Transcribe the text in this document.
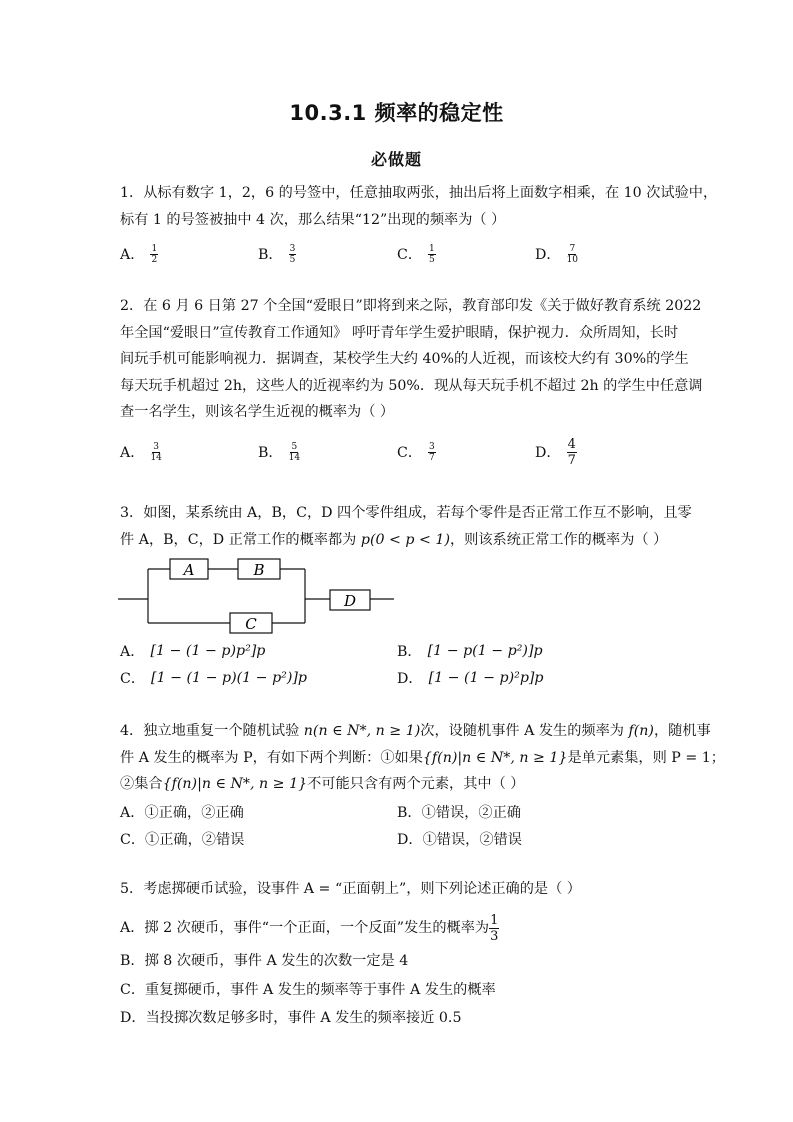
10.3.1 频率的稳定性
必做题
1．从标有数字 1，2，6 的号签中，任意抽取两张，抽出后将上面数字相乘，在 10 次试验中，
标有 1 的号签被抽中 4 次，那么结果“12”出现的频率为（ ）
A． $\frac{1}{2}$	B． $\frac{3}{5}$	C． $\frac{1}{5}$	D． $\frac{7}{10}$
2．在 6 月 6 日第 27 个全国“爱眼日”即将到来之际，教育部印发《关于做好教育系统 2022
年全国“爱眼日”宣传教育工作通知》 呼吁青年学生爱护眼睛，保护视力．众所周知，长时
间玩手机可能影响视力．据调查，某校学生大约 40%的人近视，而该校大约有 30%的学生
每天玩手机超过 2h，这些人的近视率约为 50%．现从每天玩手机不超过 2h 的学生中任意调
查一名学生，则该名学生近视的概率为（ ）
A． $\frac{3}{14}$	B． $\frac{5}{14}$	C． $\frac{3}{7}$	D． $\frac{4}{7}$
3．如图，某系统由 A，B，C，D 四个零件组成，若每个零件是否正常工作互不影响，且零
件 A，B，C，D 正常工作的概率都为 p(0 < p < 1)，则该系统正常工作的概率为（ ）
A	B
C
D
A． [1 − (1 − p)p²]p	B． [1 − p(1 − p²)]p
C． [1 − (1 − p)(1 − p²)]p	D． [1 − (1 − p)²p]p
4．独立地重复一个随机试验 n(n ∈ N*, n ≥ 1)次，设随机事件 A 发生的频率为 f(n)，随机事
件 A 发生的概率为 P，有如下两个判断：①如果{f(n)|n ∈ N*, n ≥ 1}是单元素集，则 P = 1；
②集合{f(n)|n ∈ N*, n ≥ 1}不可能只含有两个元素，其中（ ）
A． ①正确，②正确	B． ①错误，②正确
C． ①正确，②错误	D． ①错误，②错误
5．考虑掷硬币试验，设事件 A = “正面朝上”，则下列论述正确的是（ ）
A．掷 2 次硬币，事件“一个正面，一个反面”发生的概率为 $\frac{1}{3}$
B．掷 8 次硬币，事件 A 发生的次数一定是 4
C．重复掷硬币，事件 A 发生的频率等于事件 A 发生的概率
D．当投掷次数足够多时，事件 A 发生的频率接近 0.5
